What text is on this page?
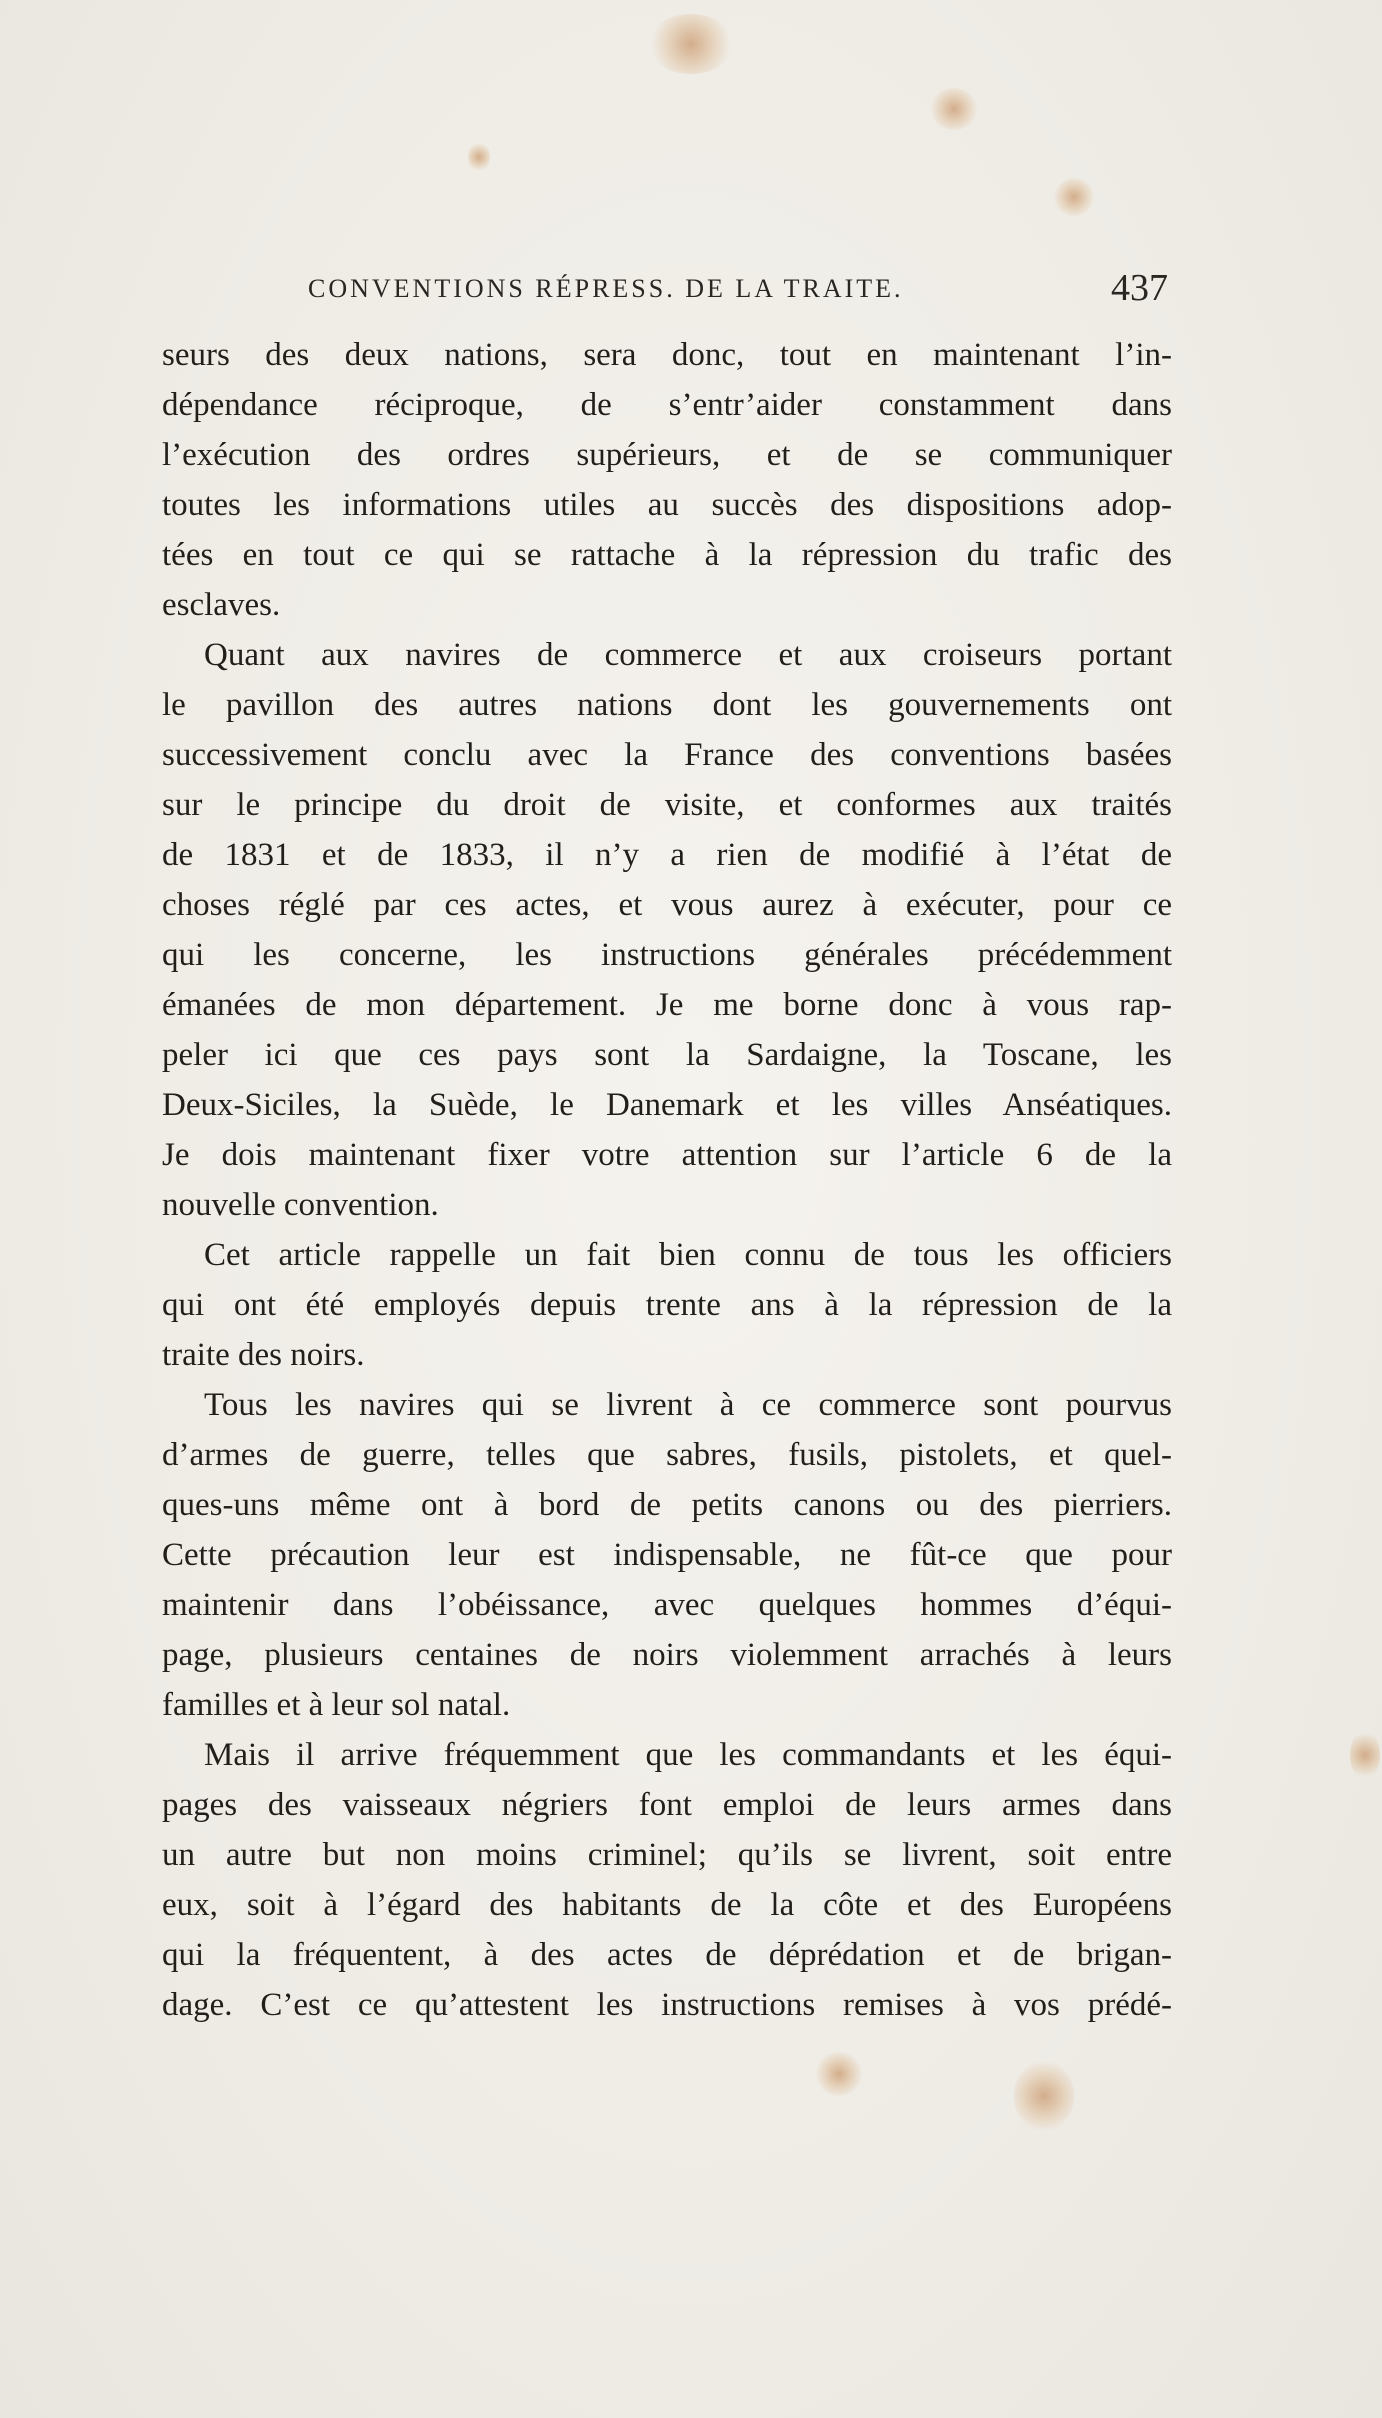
CONVENTIONS RÉPRESS. DE LA TRAITE.	437
seurs des deux nations, sera donc, tout en maintenant l’in-
dépendance réciproque, de s’entr’aider constamment dans
l’exécution des ordres supérieurs, et de se communiquer
toutes les informations utiles au succès des dispositions adop-
tées en tout ce qui se rattache à la répression du trafic des
esclaves.
Quant aux navires de commerce et aux croiseurs portant
le pavillon des autres nations dont les gouvernements ont
successivement conclu avec la France des conventions basées
sur le principe du droit de visite, et conformes aux traités
de 1831 et de 1833, il n’y a rien de modifié à l’état de
choses réglé par ces actes, et vous aurez à exécuter, pour ce
qui les concerne, les instructions générales précédemment
émanées de mon département. Je me borne donc à vous rap-
peler ici que ces pays sont la Sardaigne, la Toscane, les
Deux-Siciles, la Suède, le Danemark et les villes Anséatiques.
Je dois maintenant fixer votre attention sur l’article 6 de la
nouvelle convention.
Cet article rappelle un fait bien connu de tous les officiers
qui ont été employés depuis trente ans à la répression de la
traite des noirs.
Tous les navires qui se livrent à ce commerce sont pourvus
d’armes de guerre, telles que sabres, fusils, pistolets, et quel-
ques-uns même ont à bord de petits canons ou des pierriers.
Cette précaution leur est indispensable, ne fût-ce que pour
maintenir dans l’obéissance, avec quelques hommes d’équi-
page, plusieurs centaines de noirs violemment arrachés à leurs
familles et à leur sol natal.
Mais il arrive fréquemment que les commandants et les équi-
pages des vaisseaux négriers font emploi de leurs armes dans
un autre but non moins criminel; qu’ils se livrent, soit entre
eux, soit à l’égard des habitants de la côte et des Européens
qui la fréquentent, à des actes de déprédation et de brigan-
dage. C’est ce qu’attestent les instructions remises à vos prédé-
